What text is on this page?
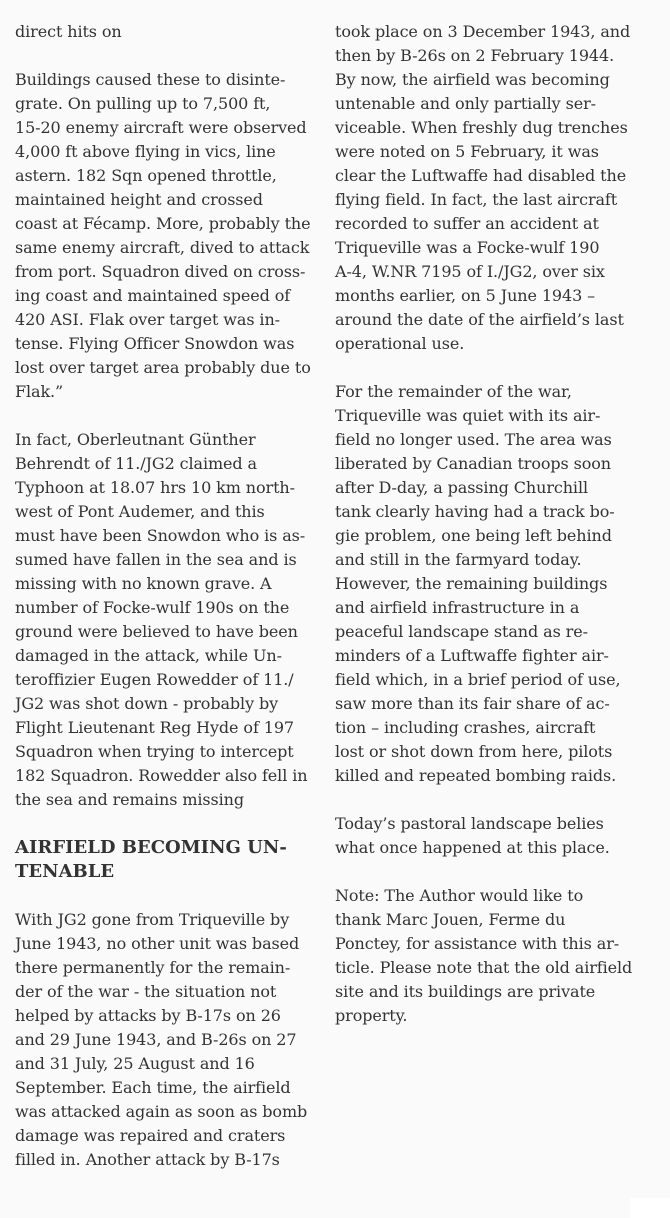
direct hits on

Buildings caused these to disinte-
grate. On pulling up to 7,500 ft,
15-20 enemy aircraft were observed
4,000 ft above flying in vics, line
astern. 182 Sqn opened throttle,
maintained height and crossed
coast at Fécamp. More, probably the
same enemy aircraft, dived to attack
from port. Squadron dived on cross-
ing coast and maintained speed of
420 ASI. Flak over target was in-
tense. Flying Officer Snowdon was
lost over target area probably due to
Flak.”

In fact, Oberleutnant Günther
Behrendt of 11./JG2 claimed a
Typhoon at 18.07 hrs 10 km north-
west of Pont Audemer, and this
must have been Snowdon who is as-
sumed have fallen in the sea and is
missing with no known grave. A
number of Focke-wulf 190s on the
ground were believed to have been
damaged in the attack, while Un-
teroffizier Eugen Rowedder of 11./
JG2 was shot down - probably by
Flight Lieutenant Reg Hyde of 197
Squadron when trying to intercept
182 Squadron. Rowedder also fell in
the sea and remains missing

AIRFIELD BECOMING UN-
TENABLE

With JG2 gone from Triqueville by
June 1943, no other unit was based
there permanently for the remain-
der of the war - the situation not
helped by attacks by B-17s on 26
and 29 June 1943, and B-26s on 27
and 31 July, 25 August and 16
September. Each time, the airfield
was attacked again as soon as bomb
damage was repaired and craters
filled in. Another attack by B-17s

took place on 3 December 1943, and
then by B-26s on 2 February 1944.
By now, the airfield was becoming
untenable and only partially ser-
viceable. When freshly dug trenches
were noted on 5 February, it was
clear the Luftwaffe had disabled the
flying field. In fact, the last aircraft
recorded to suffer an accident at
Triqueville was a Focke-wulf 190
A-4, W.NR 7195 of I./JG2, over six
months earlier, on 5 June 1943 –
around the date of the airfield’s last
operational use.

For the remainder of the war,
Triqueville was quiet with its air-
field no longer used. The area was
liberated by Canadian troops soon
after D-day, a passing Churchill
tank clearly having had a track bo-
gie problem, one being left behind
and still in the farmyard today.
However, the remaining buildings
and airfield infrastructure in a
peaceful landscape stand as re-
minders of a Luftwaffe fighter air-
field which, in a brief period of use,
saw more than its fair share of ac-
tion – including crashes, aircraft
lost or shot down from here, pilots
killed and repeated bombing raids.

Today’s pastoral landscape belies
what once happened at this place.

Note: The Author would like to
thank Marc Jouen, Ferme du
Ponctey, for assistance with this ar-
ticle. Please note that the old airfield
site and its buildings are private
property.
